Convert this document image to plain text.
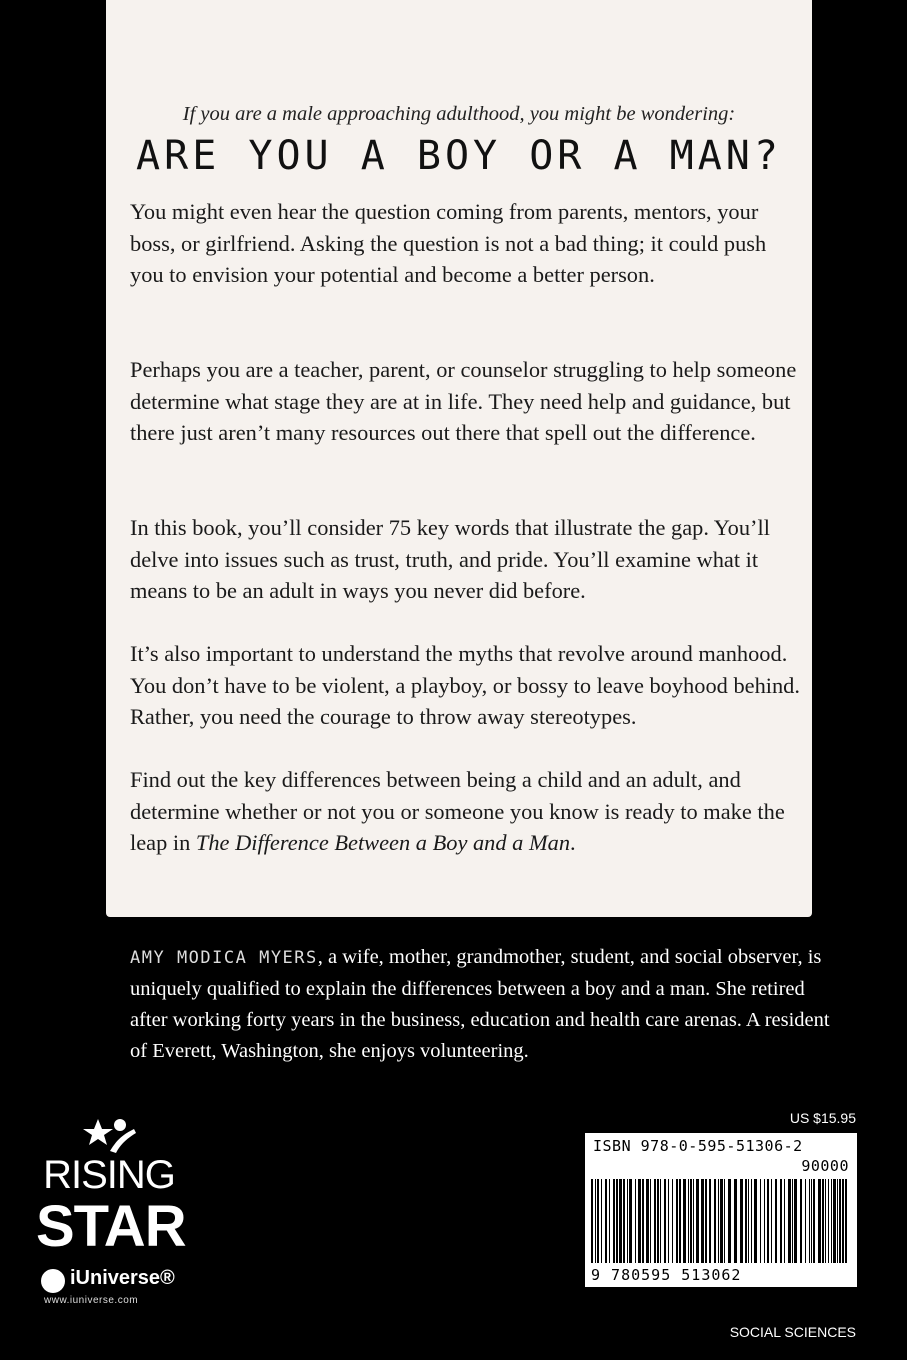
If you are a male approaching adulthood, you might be wondering:
ARE YOU A BOY OR A MAN?

You might even hear the question coming from parents, mentors, your boss, or girlfriend. Asking the question is not a bad thing; it could push you to envision your potential and become a better person.

Perhaps you are a teacher, parent, or counselor struggling to help someone determine what stage they are at in life. They need help and guidance, but there just aren’t many resources out there that spell out the difference.

In this book, you’ll consider 75 key words that illustrate the gap. You’ll delve into issues such as trust, truth, and pride. You’ll examine what it means to be an adult in ways you never did before.

It’s also important to understand the myths that revolve around manhood. You don’t have to be violent, a playboy, or bossy to leave boyhood behind. Rather, you need the courage to throw away stereotypes.

Find out the key differences between being a child and an adult, and determine whether or not you or someone you know is ready to make the leap in The Difference Between a Boy and a Man.

AMY MODICA MYERS, a wife, mother, grandmother, student, and social observer, is uniquely qualified to explain the differences between a boy and a man. She retired after working forty years in the business, education and health care arenas. A resident of Everett, Washington, she enjoys volunteering.
RISING
STAR
iUniverse®
www.iuniverse.com
US $15.95
ISBN 978-0-595-51306-2
90000
9 780595 513062
SOCIAL SCIENCES
